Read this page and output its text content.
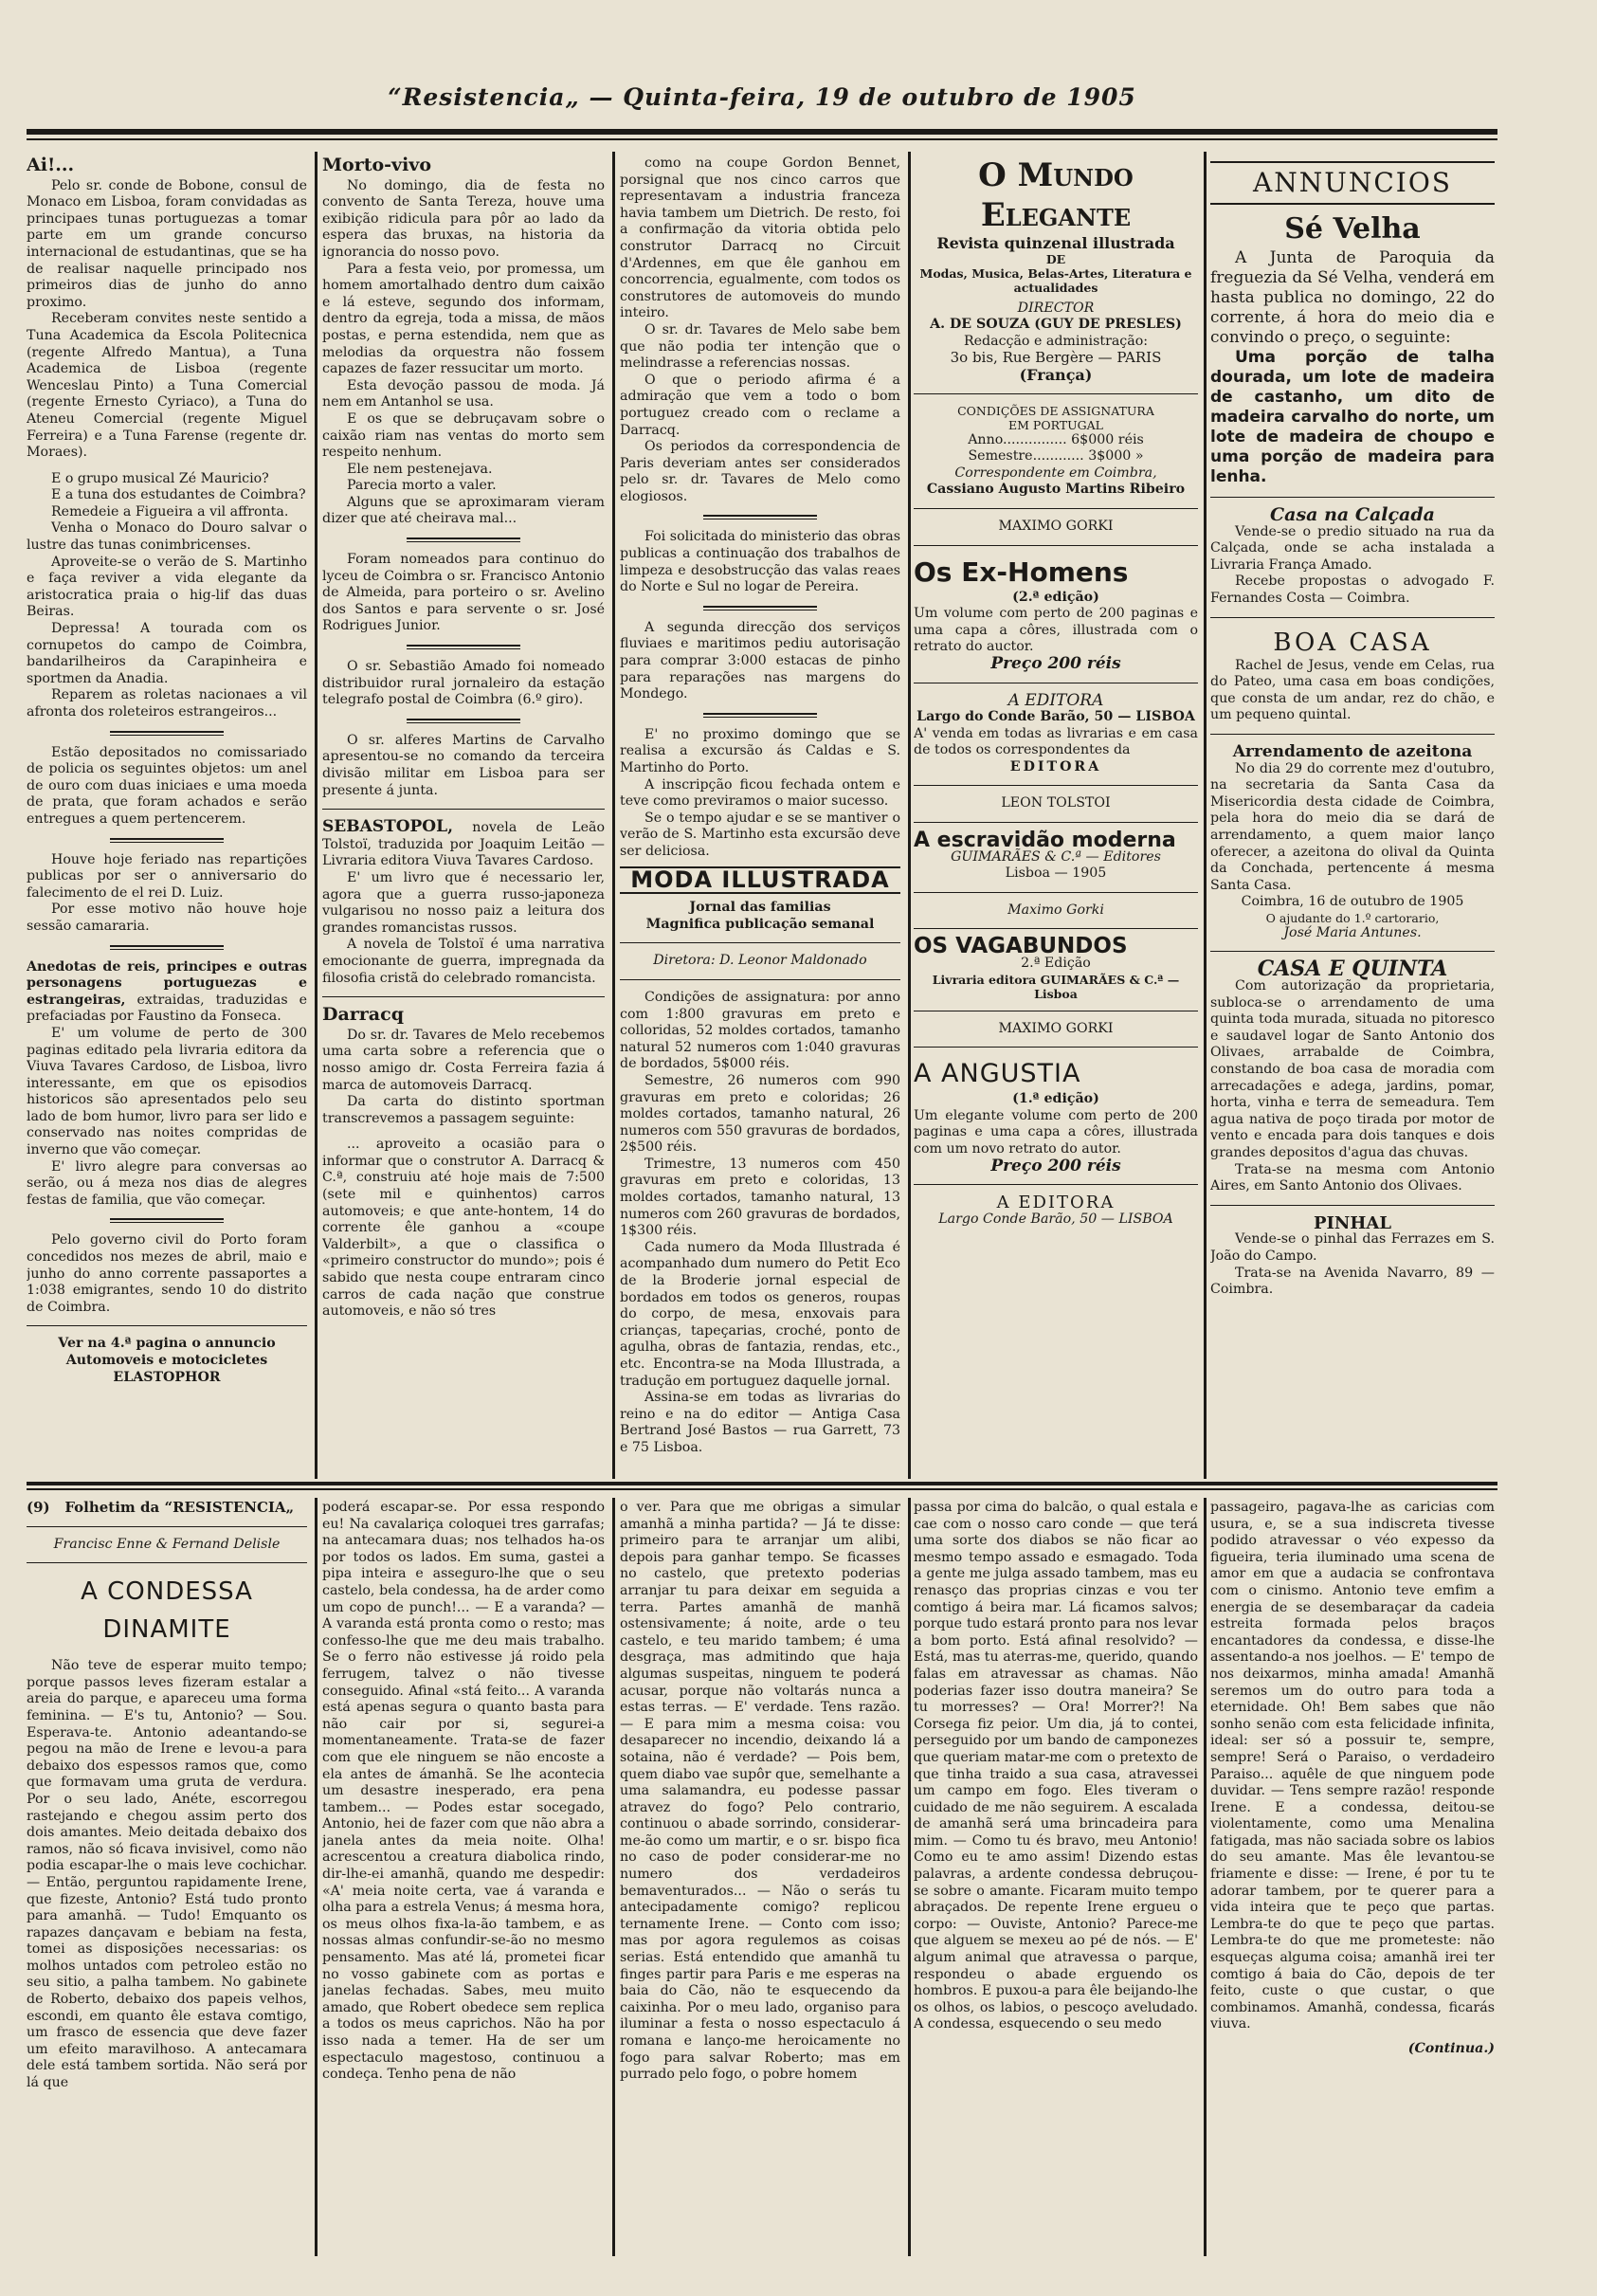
“Resistencia„ — Quinta-feira, 19 de outubro de 1905
Ai!...

Pelo sr. conde de Bobone, consul de Monaco em Lisboa, foram convidadas as principaes tunas portuguezas a tomar parte em um grande concurso internacional de estudantinas, que se ha de realisar naquelle principado nos primeiros dias de junho do anno proximo.

Receberam convites neste sentido a Tuna Academica da Escola Politecnica (regente Alfredo Mantua), a Tuna Academica de Lisboa (regente Wenceslau Pinto) a Tuna Comercial (regente Ernesto Cyriaco), a Tuna do Ateneu Comercial (regente Miguel Ferreira) e a Tuna Farense (regente dr. Moraes).

E o grupo musical Zé Mauricio?

E a tuna dos estudantes de Coimbra?

Remedeie a Figueira a vil affronta.

Venha o Monaco do Douro salvar o lustre das tunas conimbricenses.

Aproveite-se o verão de S. Martinho e faça reviver a vida elegante da aristocratica praia o hig-lif das duas Beiras.

Depressa! A tourada com os cornupetos do campo de Coimbra, bandarilheiros da Carapinheira e sportmen da Anadia.

Reparem as roletas nacionaes a vil afronta dos roleteiros estrangeiros...

Estão depositados no comissariado de policia os seguintes objetos: um anel de ouro com duas iniciaes e uma moeda de prata, que foram achados e serão entregues a quem pertencerem.

Houve hoje feriado nas repartições publicas por ser o anniversario do falecimento de el rei D. Luiz.

Por esse motivo não houve hoje sessão camararia.

Anedotas de reis, principes e outras personagens portuguezas e estrangeiras, extraidas, traduzidas e prefaciadas por Faustino da Fonseca.

E' um volume de perto de 300 paginas editado pela livraria editora da Viuva Tavares Cardoso, de Lisboa, livro interessante, em que os episodios historicos são apresentados pelo seu lado de bom humor, livro para ser lido e conservado nas noites compridas de inverno que vão começar.

E' livro alegre para conversas ao serão, ou á meza nos dias de alegres festas de familia, que vão começar.

Pelo governo civil do Porto foram concedidos nos mezes de abril, maio e junho do anno corrente passaportes a 1:038 emigrantes, sendo 10 do distrito de Coimbra.

Ver na 4.ª pagina o annuncio

Automoveis e motocicletes ELASTOPHOR

Morto-vivo

No domingo, dia de festa no convento de Santa Tereza, houve uma exibição ridicula para pôr ao lado da espera das bruxas, na historia da ignorancia do nosso povo.

Para a festa veio, por promessa, um homem amortalhado dentro dum caixão e lá esteve, segundo dos informam, dentro da egreja, toda a missa, de mãos postas, e perna estendida, nem que as melodias da orquestra não fossem capazes de fazer ressucitar um morto.

Esta devoção passou de moda. Já nem em Antanhol se usa.

E os que se debruçavam sobre o caixão riam nas ventas do morto sem respeito nenhum.

Ele nem pestenejava.

Parecia morto a valer.

Alguns que se aproximaram vieram dizer que até cheirava mal...

Foram nomeados para continuo do lyceu de Coimbra o sr. Francisco Antonio de Almeida, para porteiro o sr. Avelino dos Santos e para servente o sr. José Rodrigues Junior.

O sr. Sebastião Amado foi nomeado distribuidor rural jornaleiro da estação telegrafo postal de Coimbra (6.º giro).

O sr. alferes Martins de Carvalho apresentou-se no comando da terceira divisão militar em Lisboa para ser presente á junta.

SEBASTOPOL, novela de Leão Tolstoï, traduzida por Joaquim Leitão — Livraria editora Viuva Tavares Cardoso.

E' um livro que é necessario ler, agora que a guerra russo-japoneza vulgarisou no nosso paiz a leitura dos grandes romancistas russos.

A novela de Tolstoï é uma narrativa emocionante de guerra, impregnada da filosofia cristã do celebrado romancista.

Darracq

Do sr. dr. Tavares de Melo recebemos uma carta sobre a referencia que o nosso amigo dr. Costa Ferreira fazia á marca de automoveis Darracq.

Da carta do distinto sportman transcrevemos a passagem seguinte:

... aproveito a ocasião para o informar que o construtor A. Darracq & C.ª, construiu até hoje mais de 7:500 (sete mil e quinhentos) carros automoveis; e que ante-hontem, 14 do corrente êle ganhou a «coupe Valderbilt», a que o classifica o «primeiro constructor do mundo»; pois é sabido que nesta coupe entraram cinco carros de cada nação que construe automoveis, e não só tres

como na coupe Gordon Bennet, porsignal que nos cinco carros que representavam a industria franceza havia tambem um Dietrich. De resto, foi a confirmação da vitoria obtida pelo construtor Darracq no Circuit d'Ardennes, em que êle ganhou em concorrencia, egualmente, com todos os construtores de automoveis do mundo inteiro.

O sr. dr. Tavares de Melo sabe bem que não podia ter intenção que o melindrasse a referencias nossas.

O que o periodo afirma é a admiração que vem a todo o bom portuguez creado com o reclame a Darracq.

Os periodos da correspondencia de Paris deveriam antes ser considerados pelo sr. dr. Tavares de Melo como elogiosos.

Foi solicitada do ministerio das obras publicas a continuação dos trabalhos de limpeza e desobstrucção das valas reaes do Norte e Sul no logar de Pereira.

A segunda direcção dos serviços fluviaes e maritimos pediu autorisação para comprar 3:000 estacas de pinho para reparações nas margens do Mondego.

E' no proximo domingo que se realisa a excursão ás Caldas e S. Martinho do Porto.

A inscripção ficou fechada ontem e teve como previramos o maior sucesso.

Se o tempo ajudar e se se mantiver o verão de S. Martinho esta excursão deve ser deliciosa.

MODA ILLUSTRADA

Jornal das familias

Magnifica publicação semanal

Diretora: D. Leonor Maldonado

Condições de assignatura: por anno com 1:800 gravuras em preto e colloridas, 52 moldes cortados, tamanho natural 52 numeros com 1:040 gravuras de bordados, 5$000 réis.

Semestre, 26 numeros com 990 gravuras em preto e coloridas; 26 moldes cortados, tamanho natural, 26 numeros com 550 gravuras de bordados, 2$500 réis.

Trimestre, 13 numeros com 450 gravuras em preto e coloridas, 13 moldes cortados, tamanho natural, 13 numeros com 260 gravuras de bordados, 1$300 réis.

Cada numero da Moda Illustrada é acompanhado dum numero do Petit Eco de la Broderie jornal especial de bordados em todos os generos, roupas do corpo, de mesa, enxovais para crianças, tapeçarias, croché, ponto de agulha, obras de fantazia, rendas, etc., etc. Encontra-se na Moda Illustrada, a tradução em portuguez daquelle jornal.

Assina-se em todas as livrarias do reino e na do editor — Antiga Casa Bertrand José Bastos — rua Garrett, 73 e 75 Lisboa.

O Mundo Elegante
Revista quinzenal illustrada
DE
Modas, Musica, Belas-Artes, Literatura e actualidades
DIRECTOR
A. DE SOUZA (GUY DE PRESLES)
Redacção e administração:
3o bis, Rue Bergère — PARIS
(França)
CONDIÇÕES DE ASSIGNATURA
EM PORTUGAL
Anno............... 6$000 réis
Semestre............ 3$000 »
Correspondente em Coimbra,
Cassiano Augusto Martins Ribeiro
MAXIMO GORKI
Os Ex-Homens
(2.ª edição)
Um volume com perto de 200 paginas e uma capa a côres, illustrada com o retrato do auctor.
Preço 200 réis
A EDITORA
Largo do Conde Barão, 50 — LISBOA
A' venda em todas as livrarias e em casa de todos os correspondentes da
EDITORA
LEON TOLSTOI
A escravidão moderna
GUIMARÃES & C.ª — Editores
Lisboa — 1905
Maximo Gorki
OS VAGABUNDOS
2.ª Edição
Livraria editora GUIMARÃES & C.ª — Lisboa
MAXIMO GORKI
A ANGUSTIA
(1.ª edição)
Um elegante volume com perto de 200 paginas e uma capa a côres, illustrada com um novo retrato do autor.
Preço 200 réis
A EDITORA
Largo Conde Barão, 50 — LISBOA
ANNUNCIOS
Sé Velha

A Junta de Paroquia da freguezia da Sé Velha, venderá em hasta publica no domingo, 22 do corrente, á hora do meio dia e convindo o preço, o seguinte:

Uma porção de talha dourada, um lote de madeira de castanho, um dito de madeira carvalho do norte, um lote de madeira de choupo e uma porção de madeira para lenha.

Casa na Calçada

Vende-se o predio situado na rua da Calçada, onde se acha instalada a Livraria França Amado.

Recebe propostas o advogado F. Fernandes Costa — Coimbra.

BOA CASA

Rachel de Jesus, vende em Celas, rua do Pateo, uma casa em boas condições, que consta de um andar, rez do chão, e um pequeno quintal.

Arrendamento de azeitona

No dia 29 do corrente mez d'outubro, na secretaria da Santa Casa da Misericordia desta cidade de Coimbra, pela hora do meio dia se dará de arrendamento, a quem maior lanço oferecer, a azeitona do olival da Quinta da Conchada, pertencente á mesma Santa Casa.

Coimbra, 16 de outubro de 1905

O ajudante do 1.º cartorario,

José Maria Antunes.

CASA E QUINTA

Com autorização da proprietaria, subloca-se o arrendamento de uma quinta toda murada, situada no pitoresco e saudavel logar de Santo Antonio dos Olivaes, arrabalde de Coimbra, constando de boa casa de moradia com arrecadações e adega, jardins, pomar, horta, vinha e terra de semeadura. Tem agua nativa de poço tirada por motor de vento e encada para dois tanques e dois grandes depositos d'agua das chuvas.

Trata-se na mesma com Antonio Aires, em Santo Antonio dos Olivaes.

PINHAL

Vende-se o pinhal das Ferrazes em S. João do Campo.

Trata-se na Avenida Navarro, 89 — Coimbra.

(9) Folhetim da “RESISTENCIA„

Francisc Enne & Fernand Delisle

A CONDESSA DINAMITE

Não teve de esperar muito tempo; porque passos leves fizeram estalar a areia do parque, e apareceu uma forma feminina. — E's tu, Antonio? — Sou. Esperava-te. Antonio adeantando-se pegou na mão de Irene e levou-a para debaixo dos espessos ramos que, como que formavam uma gruta de verdura. Por o seu lado, Anéte, escorregou rastejando e chegou assim perto dos dois amantes. Meio deitada debaixo dos ramos, não só ficava invisivel, como não podia escapar-lhe o mais leve cochichar. — Então, perguntou rapidamente Irene, que fizeste, Antonio? Está tudo pronto para amanhã. — Tudo! Emquanto os rapazes dançavam e bebiam na festa, tomei as disposições necessarias: os molhos untados com petroleo estão no seu sitio, a palha tambem. No gabinete de Roberto, debaixo dos papeis velhos, escondi, em quanto êle estava comtigo, um frasco de essencia que deve fazer um efeito maravilhoso. A antecamara dele está tambem sortida. Não será por lá que

poderá escapar-se. Por essa respondo eu! Na cavalariça coloquei tres garrafas; na antecamara duas; nos telhados ha-os por todos os lados. Em suma, gastei a pipa inteira e asseguro-lhe que o seu castelo, bela condessa, ha de arder como um copo de punch!... — E a varanda? — A varanda está pronta como o resto; mas confesso-lhe que me deu mais trabalho. Se o ferro não estivesse já roido pela ferrugem, talvez o não tivesse conseguido. Afinal «stá feito... A varanda está apenas segura o quanto basta para não cair por si, segurei-a momentaneamente. Trata-se de fazer com que ele ninguem se não encoste a ela antes de ámanhã. Se lhe acontecia um desastre inesperado, era pena tambem... — Podes estar socegado, Antonio, hei de fazer com que não abra a janela antes da meia noite. Olha! acrescentou a creatura diabolica rindo, dir-lhe-ei amanhã, quando me despedir: «A' meia noite certa, vae á varanda e olha para a estrela Venus; á mesma hora, os meus olhos fixa-la-ão tambem, e as nossas almas confundir-se-ão no mesmo pensamento. Mas até lá, prometei ficar no vosso gabinete com as portas e janelas fechadas. Sabes, meu muito amado, que Robert obedece sem replica a todos os meus caprichos. Não ha por isso nada a temer. Ha de ser um espectaculo magestoso, continuou a condeça. Tenho pena de não

o ver. Para que me obrigas a simular amanhã a minha partida? — Já te disse: primeiro para te arranjar um alibi, depois para ganhar tempo. Se ficasses no castelo, que pretexto poderias arranjar tu para deixar em seguida a terra. Partes amanhã de manhã ostensivamente; á noite, arde o teu castelo, e teu marido tambem; é uma desgraça, mas admitindo que haja algumas suspeitas, ninguem te poderá acusar, porque não voltarás nunca a estas terras. — E' verdade. Tens razão. — E para mim a mesma coisa: vou desaparecer no incendio, deixando lá a sotaina, não é verdade? — Pois bem, quem diabo vae supôr que, semelhante a uma salamandra, eu podesse passar atravez do fogo? Pelo contrario, continuou o abade sorrindo, considerar-me-ão como um martir, e o sr. bispo fica no caso de poder considerar-me no numero dos verdadeiros bemaventurados... — Não o serás tu antecipadamente comigo? replicou ternamente Irene. — Conto com isso; mas por agora regulemos as coisas serias. Está entendido que amanhã tu finges partir para Paris e me esperas na baia do Cão, não te esquecendo da caixinha. Por o meu lado, organiso para iluminar a festa o nosso espectaculo á romana e lanço-me heroicamente no fogo para salvar Roberto; mas em purrado pelo fogo, o pobre homem

passa por cima do balcão, o qual estala e cae com o nosso caro conde — que terá uma sorte dos diabos se não ficar ao mesmo tempo assado e esmagado. Toda a gente me julga assado tambem, mas eu renasço das proprias cinzas e vou ter comtigo á beira mar. Lá ficamos salvos; porque tudo estará pronto para nos levar a bom porto. Está afinal resolvido? — Está, mas tu aterras-me, querido, quando falas em atravessar as chamas. Não poderias fazer isso doutra maneira? Se tu morresses? — Ora! Morrer?! Na Corsega fiz peior. Um dia, já to contei, perseguido por um bando de camponezes que queriam matar-me com o pretexto de que tinha traido a sua casa, atravessei um campo em fogo. Eles tiveram o cuidado de me não seguirem. A escalada de amanhã será uma brincadeira para mim. — Como tu és bravo, meu Antonio! Como eu te amo assim! Dizendo estas palavras, a ardente condessa debruçou-se sobre o amante. Ficaram muito tempo abraçados. De repente Irene ergueu o corpo: — Ouviste, Antonio? Parece-me que alguem se mexeu ao pé de nós. — E' algum animal que atravessa o parque, respondeu o abade erguendo os hombros. E puxou-a para êle beijando-lhe os olhos, os labios, o pescoço aveludado. A condessa, esquecendo o seu medo

passageiro, pagava-lhe as caricias com usura, e, se a sua indiscreta tivesse podido atravessar o véo expesso da figueira, teria iluminado uma scena de amor em que a audacia se confrontava com o cinismo. Antonio teve emfim a energia de se desembaraçar da cadeia estreita formada pelos braços encantadores da condessa, e disse-lhe assentando-a nos joelhos. — E' tempo de nos deixarmos, minha amada! Amanhã seremos um do outro para toda a eternidade. Oh! Bem sabes que não sonho senão com esta felicidade infinita, ideal: ser só a possuir te, sempre, sempre! Será o Paraiso, o verdadeiro Paraiso... aquêle de que ninguem pode duvidar. — Tens sempre razão! responde Irene. E a condessa, deitou-se violentamente, como uma Menalina fatigada, mas não saciada sobre os labios do seu amante. Mas êle levantou-se friamente e disse: — Irene, é por tu te adorar tambem, por te querer para a vida inteira que te peço que partas. Lembra-te do que te peço que partas. Lembra-te do que me prometeste: não esqueças alguma coisa; amanhã irei ter comtigo á baia do Cão, depois de ter feito, custe o que custar, o que combinamos. Amanhã, condessa, ficarás viuva.

(Continua.)
